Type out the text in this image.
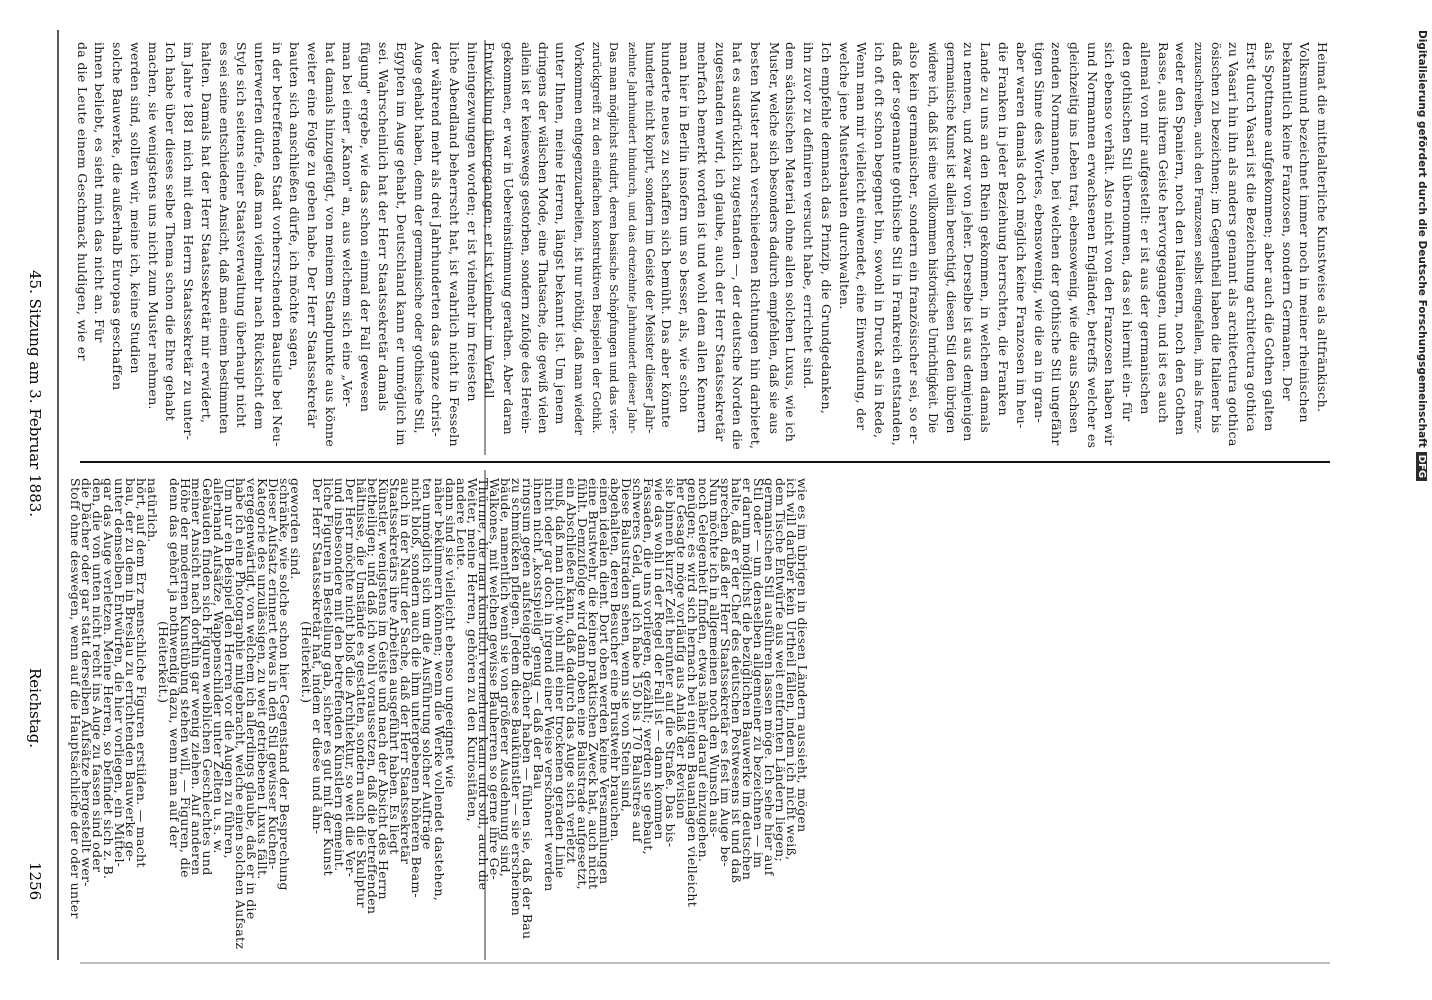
1256
Reichstag.
45. Sitzung am 3. Februar 1883.	Digitalisierung gefördert durch die Deutsche ForschungsgemeinschaftDFG
Stoff ohne deswegen, wenn auf die Hauptsächliche der oder unter
die Dächer oder gar statt derselben Aufsätze hergestellt wer-
den, die von unten nicht recht ins Auge zu fassen sind oder
gar das Auge verletzen. Meine Herren, so befindet sich z. B.
unter demselben Entwürfen, die hier vorliegen, ein Mittel-
bau, der zu dem in Breslau zu errichtenden Bauwerke ge-
hört, auf dem Erz menschliche Figuren erstiiden. — macht
natürlich.
(Heiterkeit.)
denn das gehört ja nothwendig dazu, wenn man auf der
Höhe der modernen Kunstübung stehen will, — Figuren, die
meiner Ansicht nach dorthin gar wenig ziehen. Auf anderen
Gebäuden finden sich Figuren weiblichen Geschlechtes und
allerhand Aufsätze, Wappenschilder unter Zelten u. s. w.
Um nur ein Beispiel den Herren vor die Augen zu führen,
habe ich eine Photographie mitgebracht, welche einen solchen Aufsatz
vergegenwärtigt, von welchem ich allerdings glaube, daß er in die
Kategorie des unzulässigen, zu weit getriebenen Luxus fällt.
Dieser Aufsatz erinnert etwas in den Stil gewisser Kuchen-
schränke, wie solche schon hier Gegenstand der Besprechung
geworden sind.
(Heiterkeit.)
Der Herr Staatssekretär hat, indem er diese und ähn-
liche Figuren in Bestellung gab, sicher es gut mit der Kunst
und insbesondere mit den betreffenden Künstlern gemeint.
Der Herr möchte nicht bloß die Architektur, so weit die Ver-
hältnisse, die Umstände es gestatten, sondern auch die Skulptur
betheiligen; und daß ich wohl voraussetzen, daß die betreffenden
Künstler, wenigstens im Geiste und nach der Absicht des Herrn
Staatssekretärs ihre Arbeiten ausgeführt haben. Es liegt
auch in der Natur der Sache, daß der Herr Staatssekretär
nicht bloß, sondern auch die ihm untergebenen höheren Beam-
ten unmöglich sich um die Ausführung solcher Aufträge
näher bekümmern können; wenn die Werke vollendet dastehen,
dann sind sie vielleicht ebenso ungeeignet wie
andere Leute.
Weiter, meine Herren, gehören zu den Kuriositäten,
Thürme, die man künstlich vermehren kann und soll, auch die
Walkones, mit welchen gewisse Bauherren so gerne ihre Ge-
bäude, namentlich wenn sie von größerer Ausdehnung sind,
zu schmücken pflegen. Jedem diese Baukünstler — sie erscheinen
ringsum gegen aufsteigende Dächer haben — fühlen sie, daß der Bau
ihnen nicht „kostspielig" genug — daß der Bau
nicht oder gar doch in irgend einer Weise verschönert werden
muß, daß man nicht wohl mit einer trockenen geraden Linie
ein Abschließen kann, daß dadurch das Auge sich verletzt
fühlt. Demzufolge wird dann oben eine Balustrade aufgesetzt,
eine Brustwehr, die keinen praktischen Zweck hat, auch nicht
einen idealen dient. Dort oben werden keine Versammlungen
abgehalten, deren Besucher eine Brustwehr brauchen.
Diese Balustraden sehen, wenn sie von Stein sind,
schweres Geld, und ich habe 150 bis 170 Balustres auf
Fassaden, die uns vorliegen, gezählt; werden sie gebaut,
wie das wohl in der Regel der Fall ist — dann kommen
sie binnen kurzer Zeit herunter auf die Straße. Das bis-
her Gesagte möge vorläufig aus Anlaß der Revision
genügen; es wird sich hernach bei einigen Bauanlagen vielleicht
noch Gelegenheit finden, etwas näher darauf einzugehen.
Nun möchte ich in allgemeinen noch den Wunsch aus-
sprechen, daß der Herr Staatssekretär es fest im Auge be-
halte, daß er der Chef des deutschen Postwesens ist und daß
er darum möglichst die bezüglichen Bauwerke im deutschen
Stil oder — um denselben allgemeiner zu bezeichnen — im
germanischen Stil ausführen lassen möge. Ich sehe hier auf
dem Tische Entwürfe aus weit entfernten Ländern liegen;
ich will darüber kein Urtheil fällen, indem ich nicht weiß,
wie es im übrigen in diesen Ländern aussieht, mögen
da die Leute einem Geschmack huldigen, wie er ihnen beliebt, es sieht mich das nicht an. Für solche Bauwerke, die außerhalb Europas geschaffen werden sind, sollten wir, meine ich, keine Studien machen, sie wenigstens uns nicht zum Muster nehmen. Ich habe über dieses selbe Thema schon die Ehre gehabt im Jahre 1881 mich mit dem Herrn Staatssekretär zu unter- halten. Damals hat der Herr Staatssekretär mir erwidert, es sei seine entschiedene Ansicht, daß man einem bestimmten Style sich seitens einer Staatsverwaltung überhaupt nicht unterwerfen dürfe, daß man vielmehr nach Rücksicht dem in der betreffenden Stadt vorherrschenden Baustile bei Neu- bauten sich anschließen dürfe, ich möchte sagen, weiter eine Folge zu geben habe. Der Herr Staatssekretär hat damals hinzugefügt, von meinem Standpunkte aus könne man bei einer „Kanon" an, aus welchem sich eine „Ver- fügung" ergebe, wie das schon einmal der Fall gewesen sei. Wahrscheinlich hat der Herr Staatssekretär damals Egypten im Auge gehabt, Deutschland kann er unmöglich im Auge gehabt haben, denn der germanische oder gothische Stil, der während mehr als drei Jahrhunderten das ganze christ- liche Abendland beherrscht hat, ist wahrlich nicht in Fesseln hineingezwungen worden; er ist vielmehr im freiesten Entwicklung übergegangen; er ist vielmehr im Verfall gekommen, er war in Uebereinstimmung gerathen. Aber daran allein ist er keineswegs gestorben, sondern zufolge des Herein- dringens der wälschen Mode, eine Thatsache, die gewiß vielen unter Ihnen, meine Herren, längst bekannt ist. Um jenem Vorkommen entgegenzuarbeiten, ist nur nöthig, daß man wieder zurückgreift zu den einfachen konstruktiven Beispielen der Gothik. Das man möglichst studirt, deren basische Schöpfungen und das vier- zehnte Jahrhundert hindurch, und das dreizehnte Jahrhundert dieser Jahr- hunderte nicht kopirt, sondern im Geiste der Meister dieser Jahr- hunderte neues zu schaffen sich bemüht. Das aber könnte man hier in Berlin insofern um so besser, als, wie schon mehrfach bemerkt worden ist und wohl dem allen Kennern zugestanden wird, ich glaube, auch der Herr Staatssekretär hat es ausdrücklich zugestanden —, der deutsche Norden die besten Muster nach verschiedenen Richtungen hin darbietet, Muster, welche sich besonders dadurch empfehlen, daß sie aus dem sächsischen Material ohne allen solchen Luxus, wie ich ihn zuvor zu definiren versucht habe, errichtet sind. Ich empfehle demnach das Prinzip, die Grundgedanken, welche jene Musterbauten durchwalten. Wenn man mir vielleicht einwendet, eine Einwendung, der ich oft oft schon begegnet bin, sowohl in Druck als in Rede, daß der sogenannte gothische Stil in Frankreich entstanden, also kein germanischer, sondern ein französischer sei, so er- widere ich, daß ist eine vollkommen historische Unrichtigkeit. Die germanische Kunst ist allein berechtigt, diesen Stil den übrigen zu nennen, und zwar von jeher. Derselbe ist aus demjenigen Lande zu uns an den Rhein gekommen, in welchem damals die Franken in jeder Beziehung herrschten, die Franken aber waren damals doch möglich keine Franzosen im heu- tigen Sinne des Wortes, ebensowenig, wie die an in gran- zenden Normannen, bei welchen der gothische Stil ungefähr gleichzeitig ins Leben trat, ebensowenig, wie die aus Sachsen und Normannen erwachsenen Engländer, betreffs welcher es sich ebenso verhält. Also nicht von den Franzosen haben wir den gothischen Stil übernommen, das sei hiermit ein- für allemal von mir aufgestellt: er ist aus der germanischen Rasse, aus ihrem Geiste hervorgegangen, und ist es auch weder den Spaniern, noch den Italienern, noch den Gothen zuzuschreiben, auch den Franzosen selbst eingefallen, ihn als franz- ösischen zu bezeichnen; im Gegentheil haben die Italiener bis zu Vasari hin ihn als anders genannt als architectura gothica Erst durch Vasari ist die Bezeichnung architectura gothica als Spottname aufgekommen; aber auch die Gothen galten bekanntlich keine Franzosen, sondern Germanen. Der Volksmund bezeichnet immer noch in meiner rheinischen Heimat die mittelalterliche Kunstweise als altfränkisch.
